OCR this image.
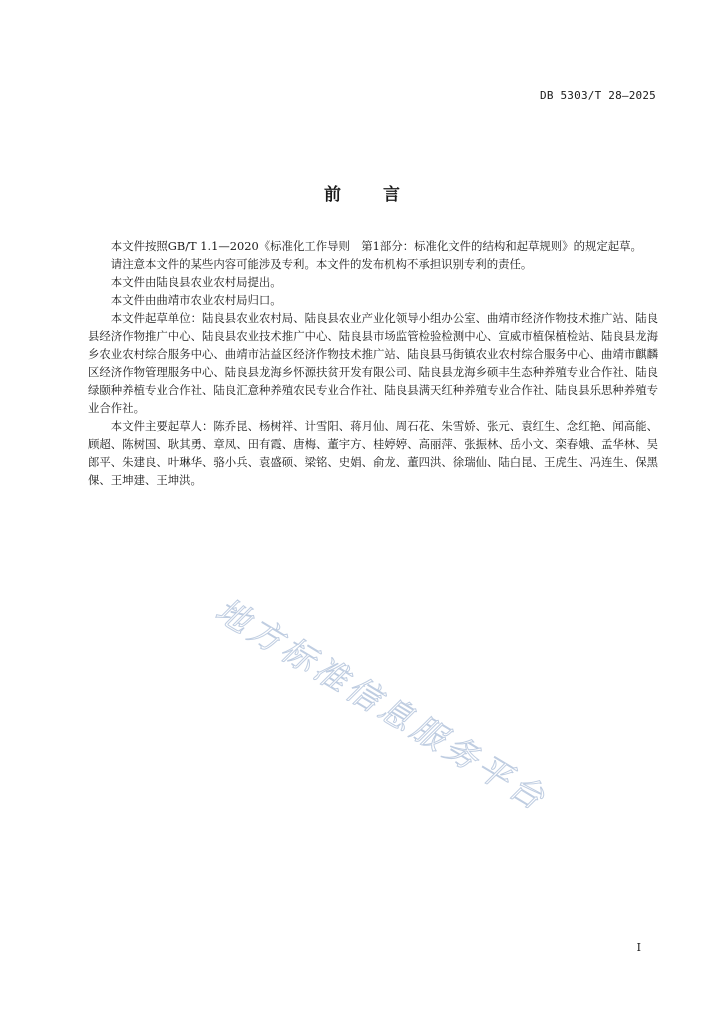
DB 5303/T 28—2025
前 言

本文件按照GB/T 1.1—2020《标准化工作导则　第1部分：标准化文件的结构和起草规则》的规定起草。

请注意本文件的某些内容可能涉及专利。本文件的发布机构不承担识别专利的责任。

本文件由陆良县农业农村局提出。

本文件由曲靖市农业农村局归口。

本文件起草单位：陆良县农业农村局、陆良县农业产业化领导小组办公室、曲靖市经济作物技术推广站、陆良县经济作物推广中心、陆良县农业技术推广中心、陆良县市场监管检验检测中心、宣威市植保植检站、陆良县龙海乡农业农村综合服务中心、曲靖市沾益区经济作物技术推广站、陆良县马街镇农业农村综合服务中心、曲靖市麒麟区经济作物管理服务中心、陆良县龙海乡怀源扶贫开发有限公司、陆良县龙海乡硕丰生态种养殖专业合作社、陆良绿颐种养植专业合作社、陆良汇意种养殖农民专业合作社、陆良县满天红种养殖专业合作社、陆良县乐思种养殖专业合作社。

本文件主要起草人：陈乔昆、杨树祥、计雪阳、蒋月仙、周石花、朱雪娇、张元、袁红生、念红艳、闻高能、顾超、陈树国、耿其勇、章凤、田有霞、唐梅、董宇方、桂婷婷、高丽萍、张振林、岳小文、栾春娥、孟华林、吴郎平、朱建良、叶琳华、骆小兵、袁盛硕、梁铭、史娟、俞龙、董四洪、徐瑞仙、陆白昆、王虎生、冯连生、保黑倮、王坤建、王坤洪。

地方标准信息服务平台
I
